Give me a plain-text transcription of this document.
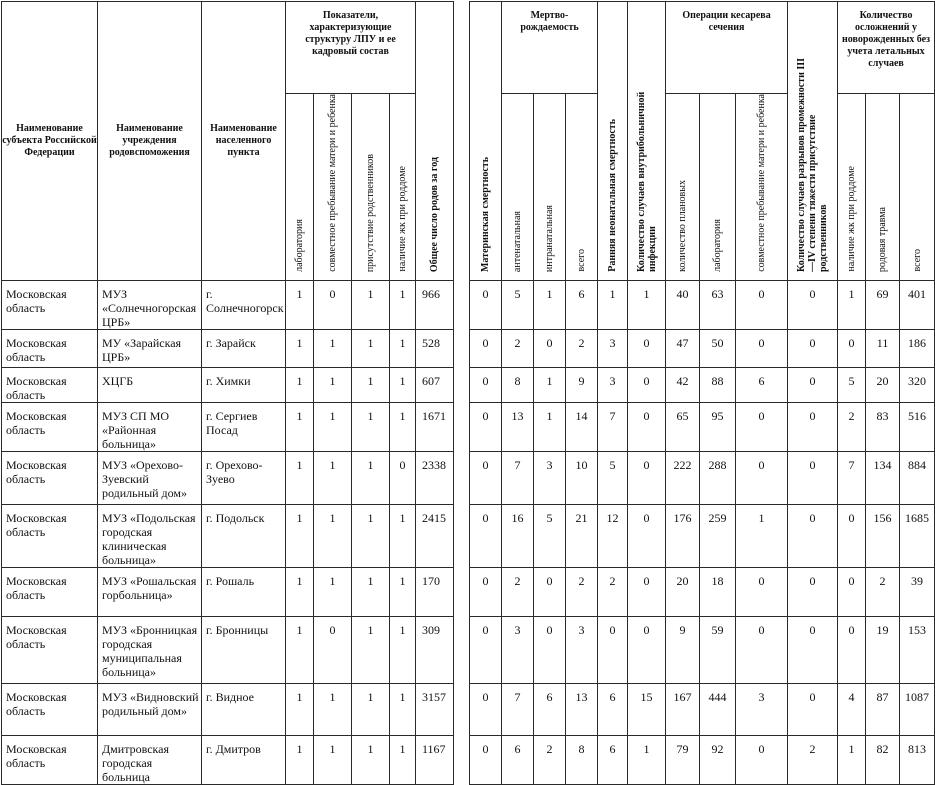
Наименование субъекта Российской Федерации	Наименование учреждения родовспоможения	Наименование населенного пункта	Показатели, характеризующие структуру ЛПУ и ее кадровый состав				Общее число родов за год		Материнская смертность	Мертво-рождаемость			Ранняя неонатальная смертность	Количество случаев внутрибольничной инфекции	Операции кесарева сечения			Количество случаев разрывов промежности III—IV степени тяжести присутствие родственников	Количество осложнений у новорожденных без учета летальных случаев		
			лаборатория	совместное пребывание матери и ребенка	присутствие родственников	наличие жк при роддоме				антенатальная	интранатальная	всего			количество плановых	лаборатория	совместное пребывание матери и ребенка		наличие жк при роддоме	родовая травма	всего
Московская область	МУЗ «Солнечногорская ЦРБ»	г. Солнечногорск	1	0	1	1	966		0	5	1	6	1	1	40	63	0	0	1	69	401
Московская область	МУ «Зарайская ЦРБ»	г. Зарайск	1	1	1	1	528		0	2	0	2	3	0	47	50	0	0	0	11	186
Московская область	ХЦГБ	г. Химки	1	1	1	1	607		0	8	1	9	3	0	42	88	6	0	5	20	320
Московская область	МУЗ СП МО «Районная больница»	г. Сергиев Посад	1	1	1	1	1671		0	13	1	14	7	0	65	95	0	0	2	83	516
Московская область	МУЗ «Орехово-Зуевский родильный дом»	г. Орехово-Зуево	1	1	1	0	2338		0	7	3	10	5	0	222	288	0	0	7	134	884
Московская область	МУЗ «Подольская городская клиническая больница»	г. Подольск	1	1	1	1	2415		0	16	5	21	12	0	176	259	1	0	0	156	1685
Московская область	МУЗ «Рошальская горбольница»	г. Рошаль	1	1	1	1	170		0	2	0	2	2	0	20	18	0	0	0	2	39
Московская область	МУЗ «Бронницкая городская муниципальная больница»	г. Бронницы	1	0	1	1	309		0	3	0	3	0	0	9	59	0	0	0	19	153
Московская область	МУЗ «Видновский родильный дом»	г. Видное	1	1	1	1	3157		0	7	6	13	6	15	167	444	3	0	4	87	1087
Московская область	Дмитровская городская больница	г. Дмитров	1	1	1	1	1167		0	6	2	8	6	1	79	92	0	2	1	82	813
